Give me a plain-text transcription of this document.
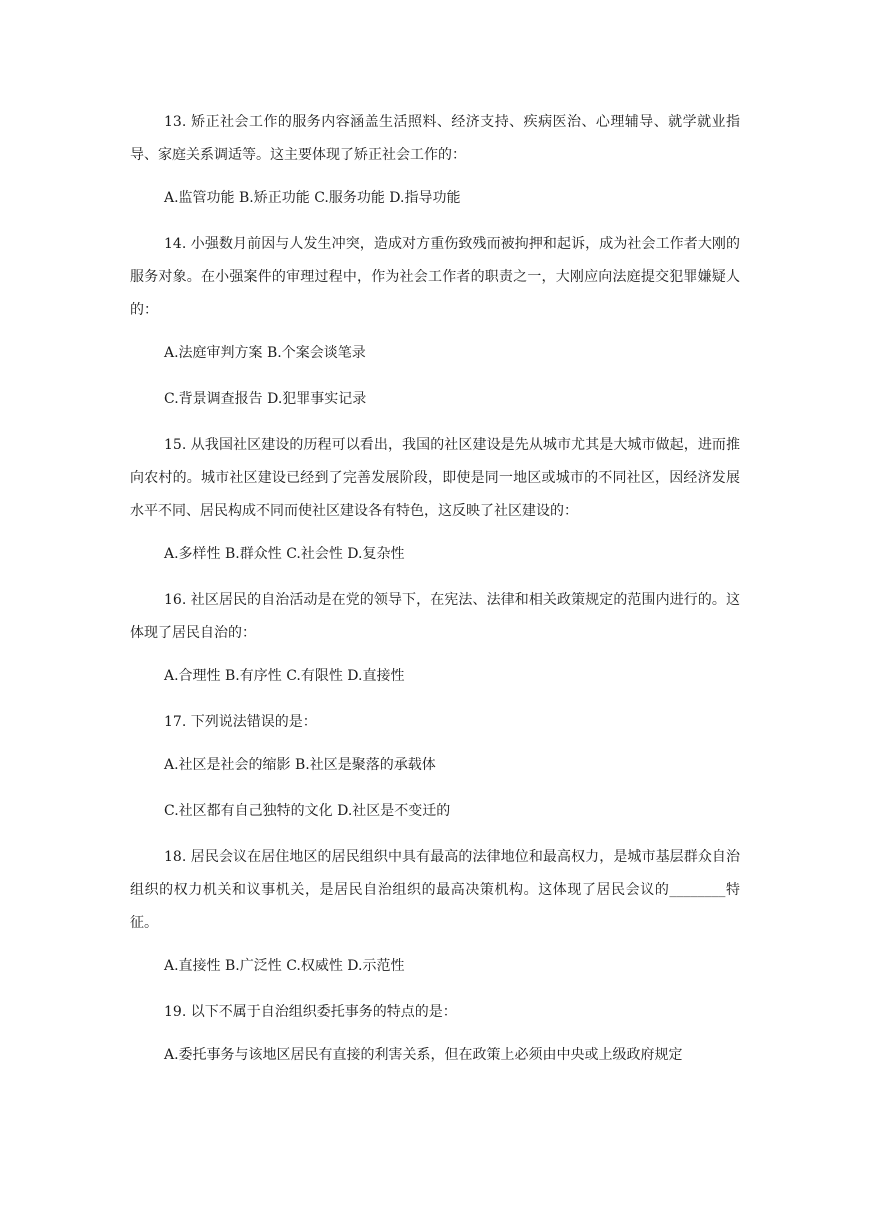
13. 矫正社会工作的服务内容涵盖生活照料、经济支持、疾病医治、心理辅导、就学就业指导、家庭关系调适等。这主要体现了矫正社会工作的：

A.监管功能 B.矫正功能 C.服务功能 D.指导功能

14. 小强数月前因与人发生冲突，造成对方重伤致残而被拘押和起诉，成为社会工作者大刚的服务对象。在小强案件的审理过程中，作为社会工作者的职责之一，大刚应向法庭提交犯罪嫌疑人的：

A.法庭审判方案 B.个案会谈笔录

C.背景调查报告 D.犯罪事实记录

15. 从我国社区建设的历程可以看出，我国的社区建设是先从城市尤其是大城市做起，进而推向农村的。城市社区建设已经到了完善发展阶段，即使是同一地区或城市的不同社区，因经济发展水平不同、居民构成不同而使社区建设各有特色，这反映了社区建设的：

A.多样性 B.群众性 C.社会性 D.复杂性

16. 社区居民的自治活动是在党的领导下，在宪法、法律和相关政策规定的范围内进行的。这体现了居民自治的：

A.合理性 B.有序性 C.有限性 D.直接性

17. 下列说法错误的是：

A.社区是社会的缩影 B.社区是聚落的承载体

C.社区都有自己独特的文化 D.社区是不变迁的

18. 居民会议在居住地区的居民组织中具有最高的法律地位和最高权力，是城市基层群众自治组织的权力机关和议事机关，是居民自治组织的最高决策机构。这体现了居民会议的________特征。

A.直接性 B.广泛性 C.权威性 D.示范性

19. 以下不属于自治组织委托事务的特点的是：

A.委托事务与该地区居民有直接的利害关系，但在政策上必须由中央或上级政府规定
